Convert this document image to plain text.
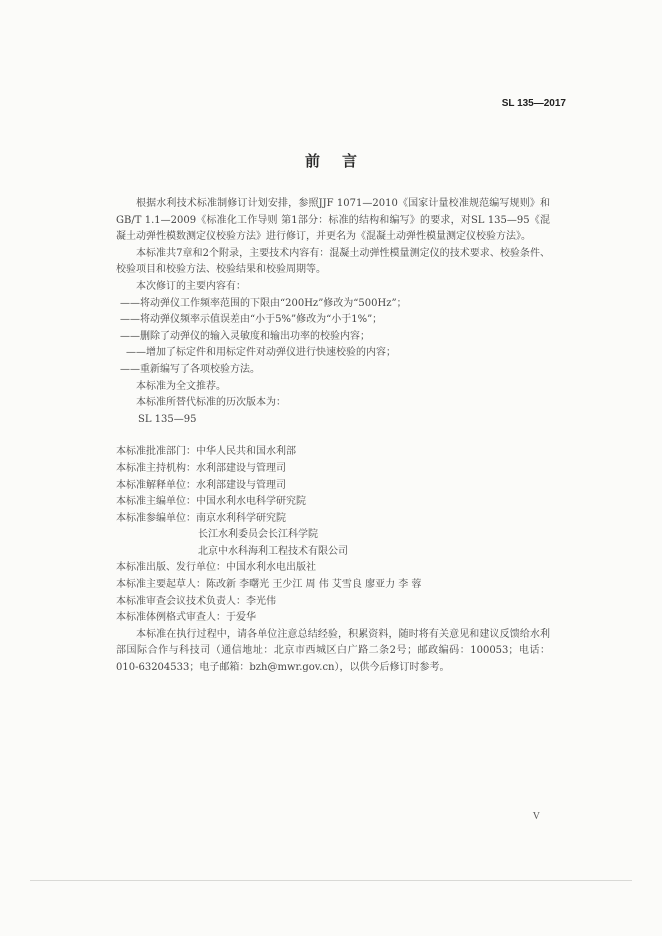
SL 135—2017
前言

根据水利技术标准制修订计划安排，参照JJF 1071—2010《国家计量校准规范编写规则》和GB/T 1.1—2009《标准化工作导则 第1部分：标准的结构和编写》的要求，对SL 135—95《混凝土动弹性模数测定仪校验方法》进行修订，并更名为《混凝土动弹性模量测定仪校验方法》。

本标准共7章和2个附录，主要技术内容有：混凝土动弹性模量测定仪的技术要求、校验条件、校验项目和校验方法、校验结果和校验周期等。

本次修订的主要内容有：

——将动弹仪工作频率范围的下限由“200Hz”修改为“500Hz”；

——将动弹仪频率示值误差由“小于5%”修改为“小于1%”；

——删除了动弹仪的输入灵敏度和输出功率的校验内容；

——增加了标定件和用标定件对动弹仪进行快速校验的内容；

——重新编写了各项校验方法。

本标准为全文推荐。

本标准所替代标准的历次版本为：

SL 135—95

本标准批准部门： 中华人民共和国水利部

本标准主持机构： 水利部建设与管理司

本标准解释单位： 水利部建设与管理司

本标准主编单位： 中国水利水电科学研究院

本标准参编单位： 南京水利科学研究院

长江水利委员会长江科学院

北京中水科海利工程技术有限公司

本标准出版、发行单位： 中国水利水电出版社

本标准主要起草人： 陈改新 李曙光 王少江 周 伟 艾雪良 廖亚力 李 蓉

本标准审查会议技术负责人： 李光伟

本标准体例格式审查人： 于爱华

本标准在执行过程中，请各单位注意总结经验，积累资料，随时将有关意见和建议反馈给水利部国际合作与科技司（通信地址：北京市西城区白广路二条2号；邮政编码：100053；电话：010-63204533；电子邮箱：bzh@mwr.gov.cn），以供今后修订时参考。

V
